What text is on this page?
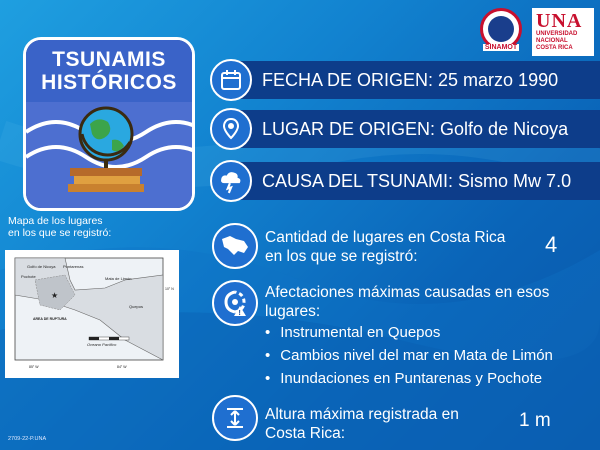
SINAMOT
UNA
UNIVERSIDAD
NACIONAL
COSTA RICA
TSUNAMIS
HISTÓRICOS	FECHA DE ORIGEN: 25 marzo 1990
LUGAR DE ORIGEN: Golfo de Nicoya
CAUSA DEL TSUNAMI: Sismo Mw 7.0
Mapa de los lugares
en los que se registró:
Golfo de Nicoya Puntarenas
Pochote	Mata de Limón
Quepos
AREA DE RUPTURA
Oceano Pacífico
85° W	84° W
10° N
★
2709-22-P.UNA
Cantidad de lugares en Costa Rica
en los que se registró:	4
!
Afectaciones máximas causadas en esos
lugares:
• Instrumental en Quepos
• Cambios nivel del mar en Mata de Limón
• Inundaciones en Puntarenas y Pochote
Altura máxima registrada en
Costa Rica:
1 m
